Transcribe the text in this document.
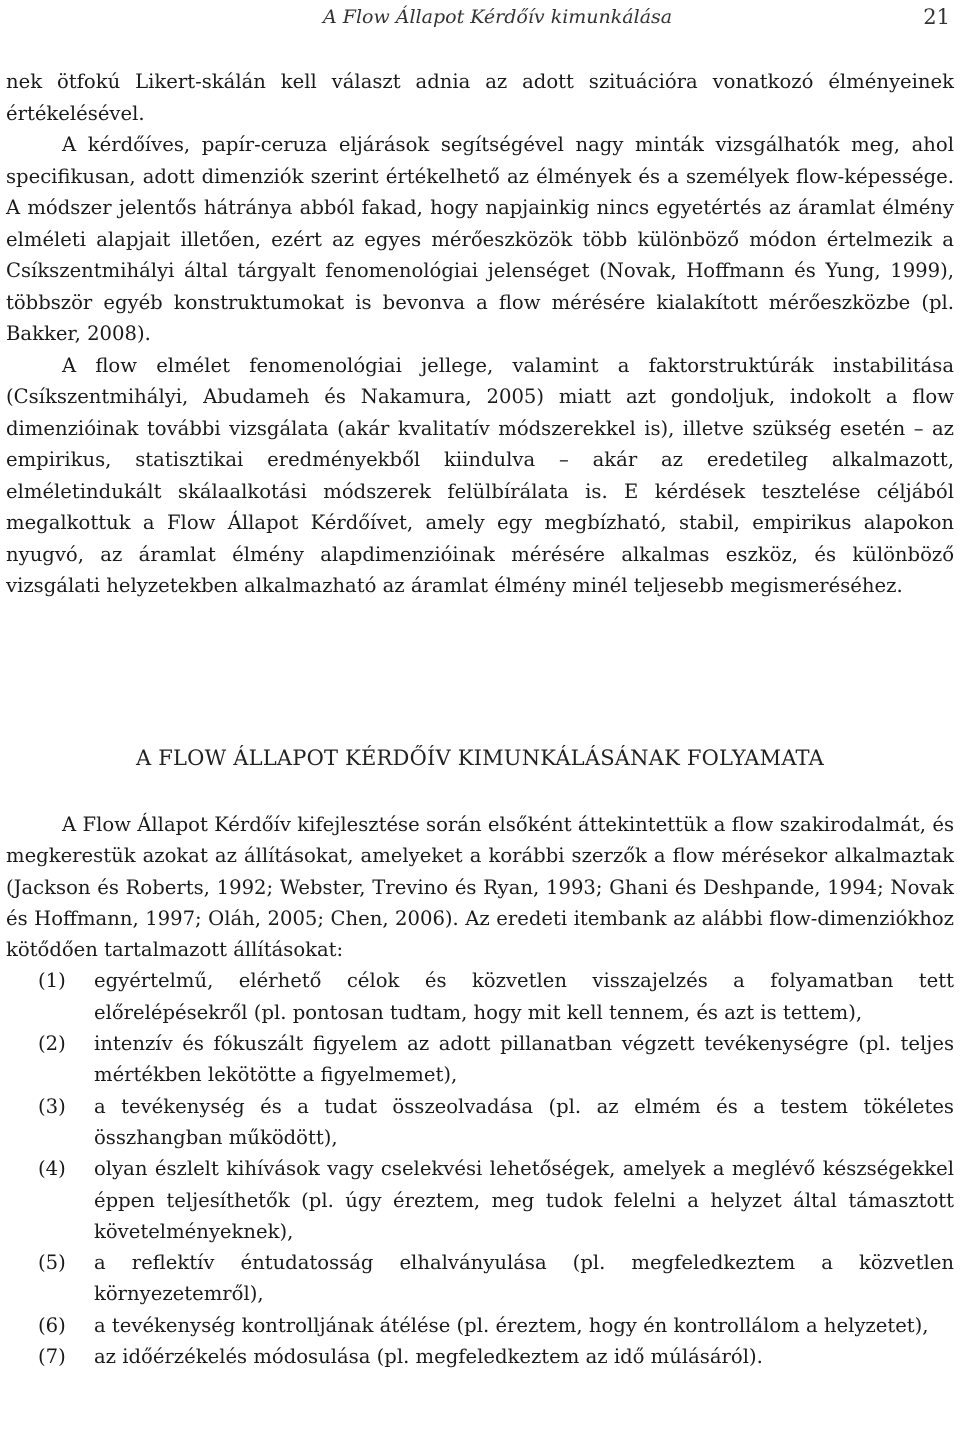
A Flow Állapot Kérdőív kimunkálása	21

nek ötfokú Likert-skálán kell választ adnia az adott szituációra vonatkozó élményeinek értékelésével.

A kérdőíves, papír-ceruza eljárások segítségével nagy minták vizsgálhatók meg, ahol specifikusan, adott dimenziók szerint értékelhető az élmények és a személyek flow-képessége. A módszer jelentős hátránya abból fakad, hogy napjainkig nincs egyetértés az áramlat élmény elméleti alapjait illetően, ezért az egyes mérőeszközök több különböző módon értelmezik a Csíkszentmihályi által tárgyalt fenomenológiai jelenséget (Novak, Hoffmann és Yung, 1999), többször egyéb konstruktumokat is bevonva a flow mérésére kialakított mérőeszközbe (pl. Bakker, 2008).

A flow elmélet fenomenológiai jellege, valamint a faktorstruktúrák instabilitása (Csíkszentmihályi, Abudameh és Nakamura, 2005) miatt azt gondoljuk, indokolt a flow dimenzióinak további vizsgálata (akár kvalitatív módszerekkel is), illetve szükség esetén – az empirikus, statisztikai eredményekből kiindulva – akár az eredetileg alkalmazott, elméletindukált skálaalkotási módszerek felülbírálata is. E kérdések tesztelése céljából megalkottuk a Flow Állapot Kérdőívet, amely egy megbízható, stabil, empirikus alapokon nyugvó, az áramlat élmény alapdimenzióinak mérésére alkalmas eszköz, és különböző vizsgálati helyzetekben alkalmazható az áramlat élmény minél teljesebb megismeréséhez.

A FLOW ÁLLAPOT KÉRDŐÍV KIMUNKÁLÁSÁNAK FOLYAMATA

A Flow Állapot Kérdőív kifejlesztése során elsőként áttekintettük a flow szakirodalmát, és megkerestük azokat az állításokat, amelyeket a korábbi szerzők a flow mérésekor alkalmaztak (Jackson és Roberts, 1992; Webster, Trevino és Ryan, 1993; Ghani és Deshpande, 1994; Novak és Hoffmann, 1997; Oláh, 2005; Chen, 2006). Az eredeti itembank az alábbi flow-dimenziókhoz kötődően tartalmazott állításokat:

(1) egyértelmű, elérhető célok és közvetlen visszajelzés a folyamatban tett előrelépésekről (pl. pontosan tudtam, hogy mit kell tennem, és azt is tettem),
(2) intenzív és fókuszált figyelem az adott pillanatban végzett tevékenységre (pl. teljes mértékben lekötötte a figyelmemet),
(3) a tevékenység és a tudat összeolvadása (pl. az elmém és a testem tökéletes összhangban működött),
(4) olyan észlelt kihívások vagy cselekvési lehetőségek, amelyek a meglévő készségekkel éppen teljesíthetők (pl. úgy éreztem, meg tudok felelni a helyzet által támasztott követelményeknek),
(5) a reflektív éntudatosság elhalványulása (pl. megfeledkeztem a közvetlen környezetemről),
(6) a tevékenység kontrolljának átélése (pl. éreztem, hogy én kontrollálom a helyzetet),
(7) az időérzékelés módosulása (pl. megfeledkeztem az idő múlásáról).
